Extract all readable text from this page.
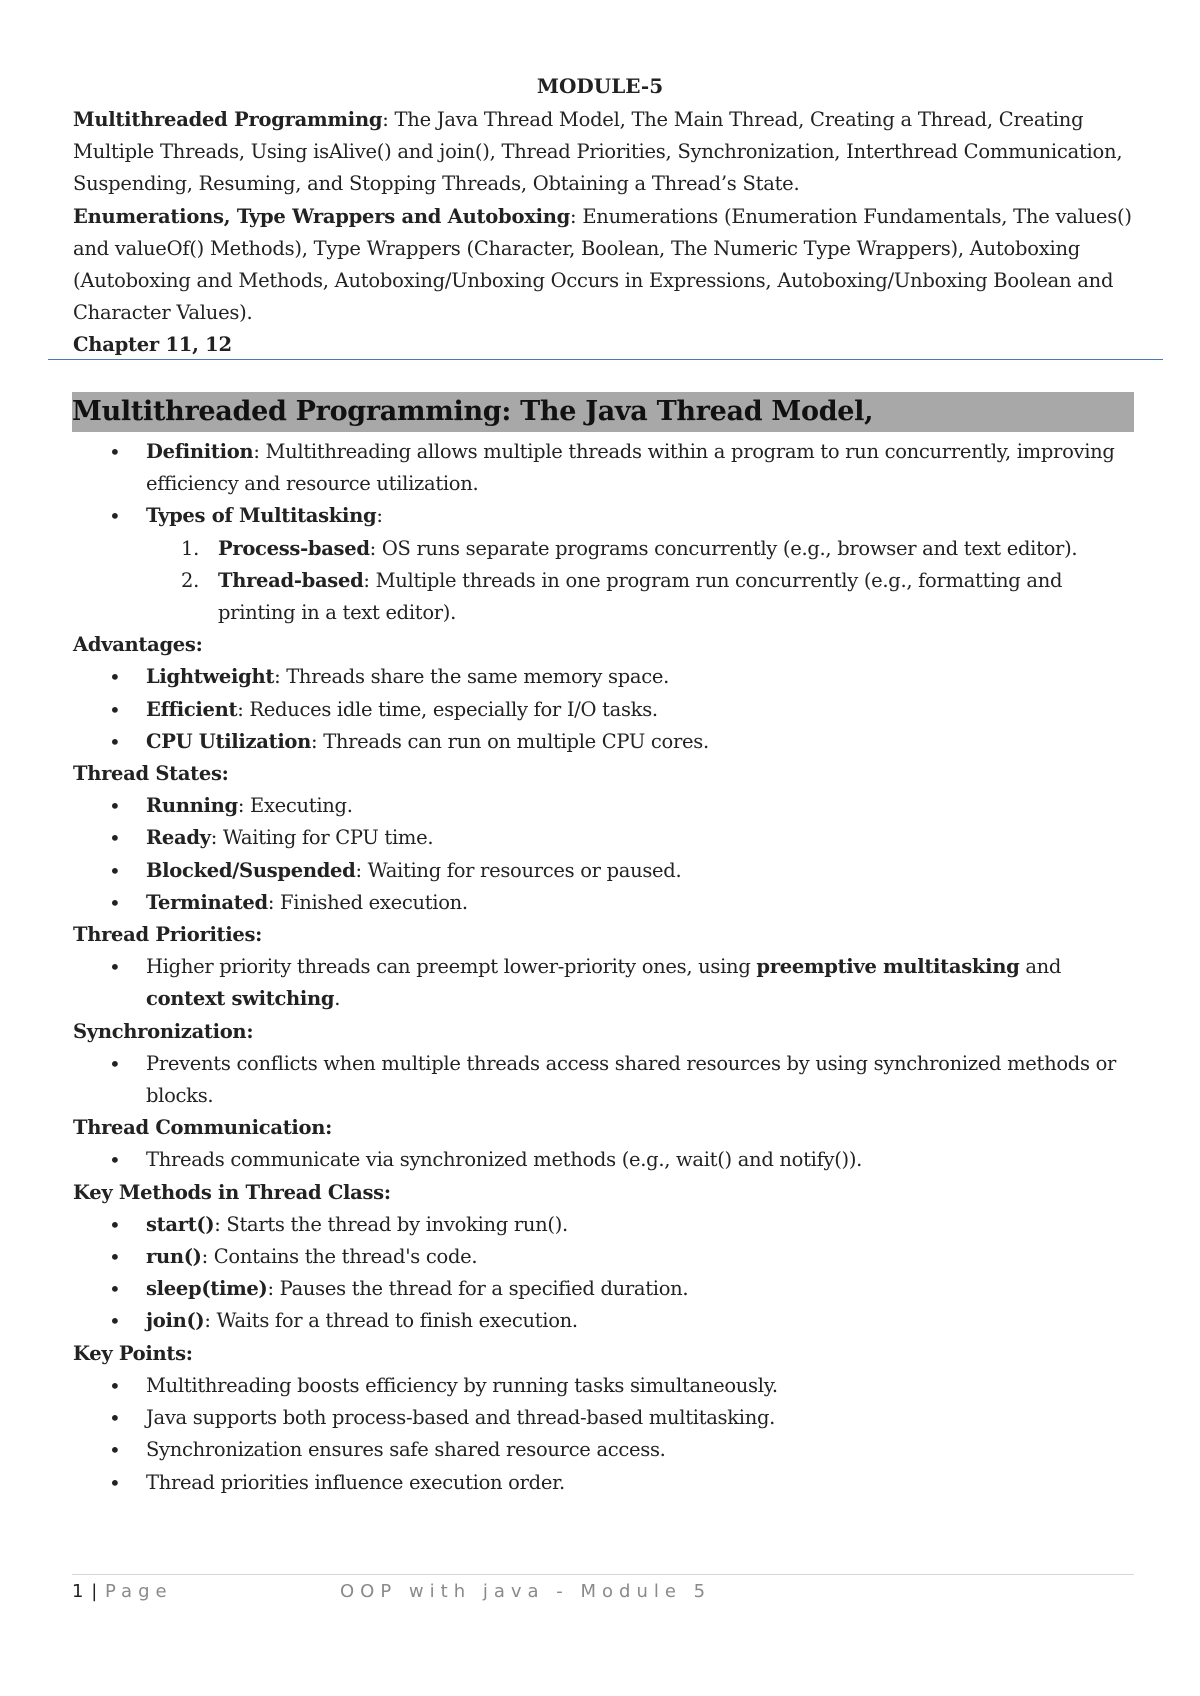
MODULE-5

Multithreaded Programming: The Java Thread Model, The Main Thread, Creating a Thread, Creating Multiple Threads, Using isAlive() and join(), Thread Priorities, Synchronization, Interthread Communication, Suspending, Resuming, and Stopping Threads, Obtaining a Thread’s State.

Enumerations, Type Wrappers and Autoboxing: Enumerations (Enumeration Fundamentals, The values() and valueOf() Methods), Type Wrappers (Character, Boolean, The Numeric Type Wrappers), Autoboxing (Autoboxing and Methods, Autoboxing/Unboxing Occurs in Expressions, Autoboxing/Unboxing Boolean and Character Values).

Chapter 11, 12

Multithreaded Programming: The Java Thread Model,
• Definition: Multithreading allows multiple threads within a program to run concurrently, improving efficiency and resource utilization.
• Types of Multitasking:
1. Process-based: OS runs separate programs concurrently (e.g., browser and text editor).
2. Thread-based: Multiple threads in one program run concurrently (e.g., formatting and printing in a text editor).

Advantages:

• Lightweight: Threads share the same memory space.
• Efficient: Reduces idle time, especially for I/O tasks.
• CPU Utilization: Threads can run on multiple CPU cores.

Thread States:

• Running: Executing.
• Ready: Waiting for CPU time.
• Blocked/Suspended: Waiting for resources or paused.
• Terminated: Finished execution.

Thread Priorities:

• Higher priority threads can preempt lower-priority ones, using preemptive multitasking and context switching.

Synchronization:

• Prevents conflicts when multiple threads access shared resources by using synchronized methods or blocks.

Thread Communication:

• Threads communicate via synchronized methods (e.g., wait() and notify()).

Key Methods in Thread Class:

• start(): Starts the thread by invoking run().
• run(): Contains the thread's code.
• sleep(time): Pauses the thread for a specified duration.
• join(): Waits for a thread to finish execution.

Key Points:

• Multithreading boosts efficiency by running tasks simultaneously.
• Java supports both process-based and thread-based multitasking.
• Synchronization ensures safe shared resource access.
• Thread priorities influence execution order.
1 | Page	OOP with java - Module 5
